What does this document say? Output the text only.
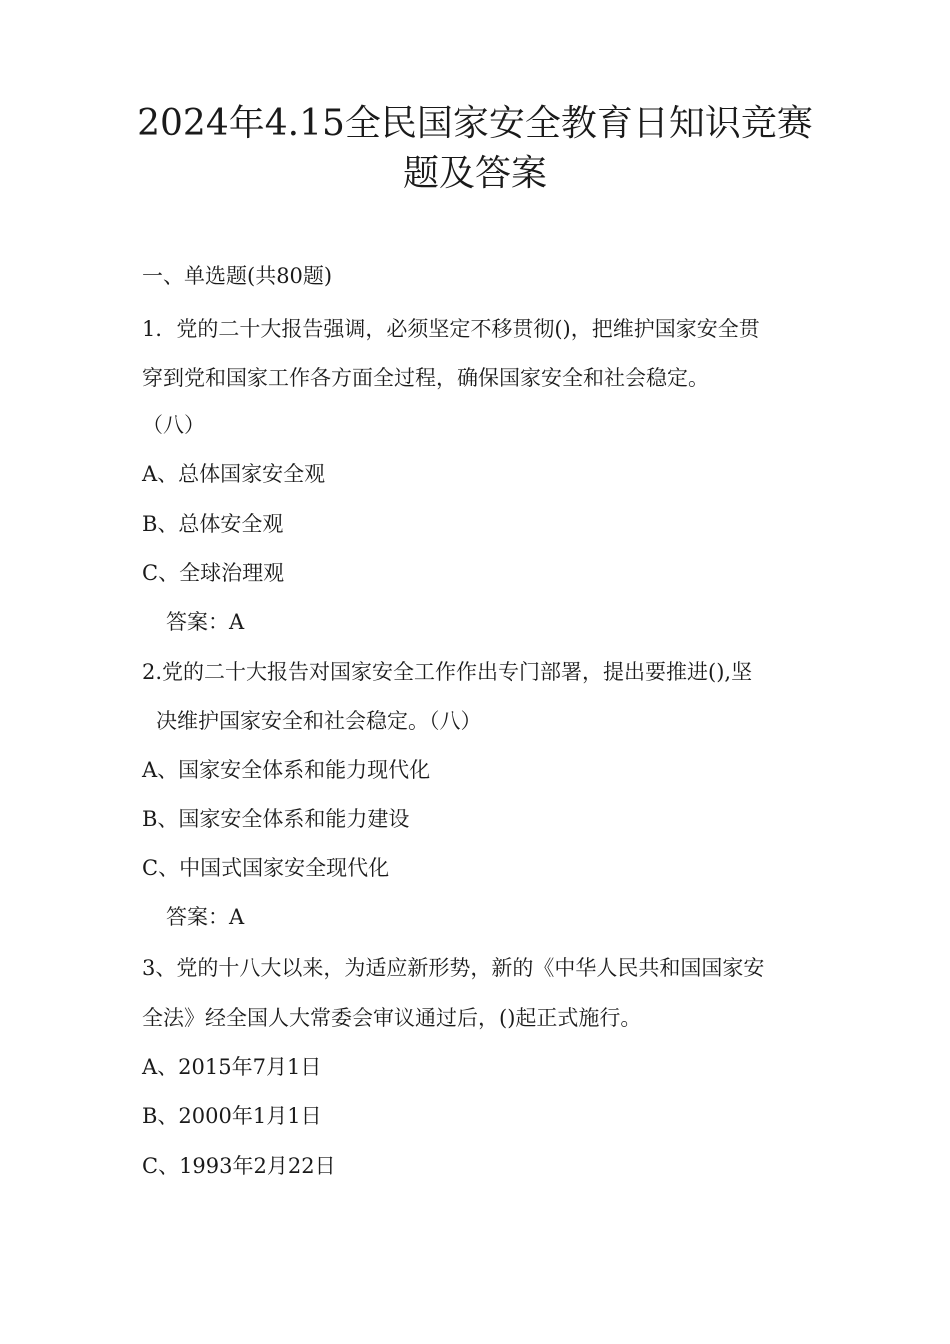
2024年4.15全民国家安全教育日知识竞赛
题及答案

一、单选题(共80题)

1．党的二十大报告强调，必须坚定不移贯彻()，把维护国家安全贯

穿到党和国家工作各方面全过程，确保国家安全和社会稳定。

（八）

A、总体国家安全观

B、总体安全观

C、全球治理观

答案：A

2.党的二十大报告对国家安全工作作出专门部署，提出要推进(),坚

决维护国家安全和社会稳定。（八）

A、国家安全体系和能力现代化

B、国家安全体系和能力建设

C、中国式国家安全现代化

答案：A

3、党的十八大以来，为适应新形势，新的《中华人民共和国国家安

全法》经全国人大常委会审议通过后，()起正式施行。

A、2015年7月1日

B、2000年1月1日

C、1993年2月22日
